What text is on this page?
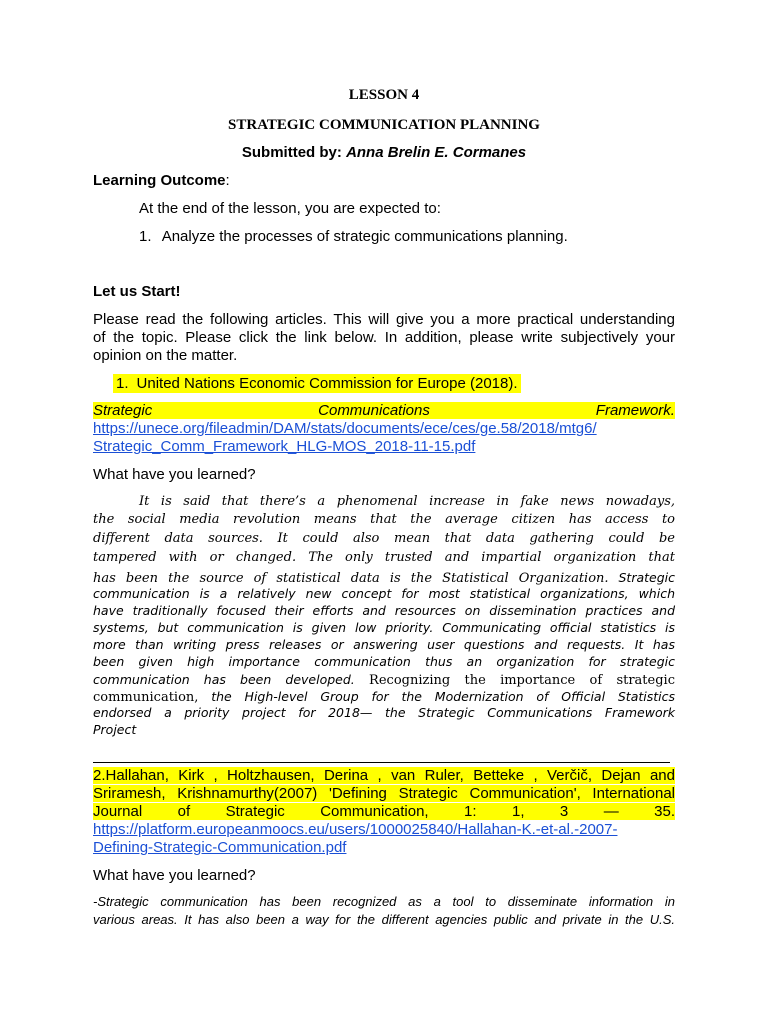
LESSON 4
STRATEGIC COMMUNICATION PLANNING
Submitted by: Anna Brelin E. Cormanes
Learning Outcome:
At the end of the lesson, you are expected to:
1. Analyze the processes of strategic communications planning.
Let us Start!
Please read the following articles. This will give you a more practical understanding
of the topic. Please click the link below. In addition, please write subjectively your
opinion on the matter.
1. United Nations Economic Commission for Europe (2018).
Strategic	Communications	Framework.
https://unece.org/fileadmin/DAM/stats/documents/ece/ces/ge.58/2018/mtg6/
Strategic_Comm_Framework_HLG-MOS_2018-11-15.pdf
What have you learned?
It is said that there’s a phenomenal increase in fake news nowadays,
the social media revolution means that the average citizen has access to
different data sources. It could also mean that data gathering could be
tampered with or changed. The only trusted and impartial organization that
has been the source of statistical data is the Statistical Organization. Strategic
communication is a relatively new concept for most statistical organizations, which
have traditionally focused their efforts and resources on dissemination practices and
systems, but communication is given low priority. Communicating official statistics is
more than writing press releases or answering user questions and requests. It has
been given high importance communication thus an organization for strategic
communication has been developed. Recognizing the importance of strategic
communication, the High-level Group for the Modernization of Official Statistics
endorsed a priority project for 2018— the Strategic Communications Framework
Project
2.Hallahan, Kirk , Holtzhausen, Derina , van Ruler, Betteke , Verčič, Dejan and
Sriramesh, Krishnamurthy(2007) 'Defining Strategic Communication', International
Journal of Strategic Communication, 1: 1, 3 — 35.
https://platform.europeanmoocs.eu/users/1000025840/Hallahan-K.-et-al.-2007-
Defining-Strategic-Communication.pdf
What have you learned?
-Strategic communication has been recognized as a tool to disseminate information in
various areas. It has also been a way for the different agencies public and private in the U.S.
